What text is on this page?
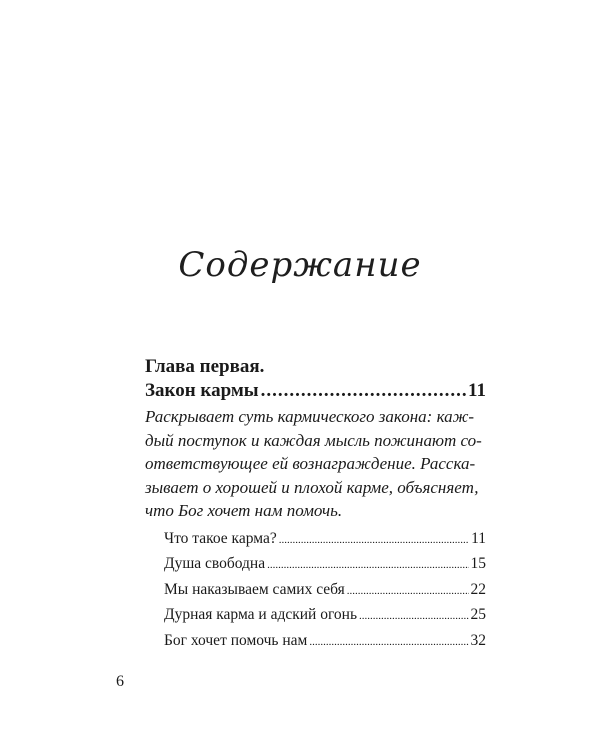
Содержание
Глава первая.
Закон кармы .....	11
Раскрывает суть кармического закона: каж-
дый поступок и каждая мысль пожинают со-
ответствующее ей вознаграждение. Расска-
зывает о хорошей и плохой карме, объясняет,
что Бог хочет нам помочь.
Что такое карма? .....	11
Душа свободна .....	15
Мы наказываем самих себя .....	22
Дурная карма и адский огонь .....	25
Бог хочет помочь нам .....	32
6
